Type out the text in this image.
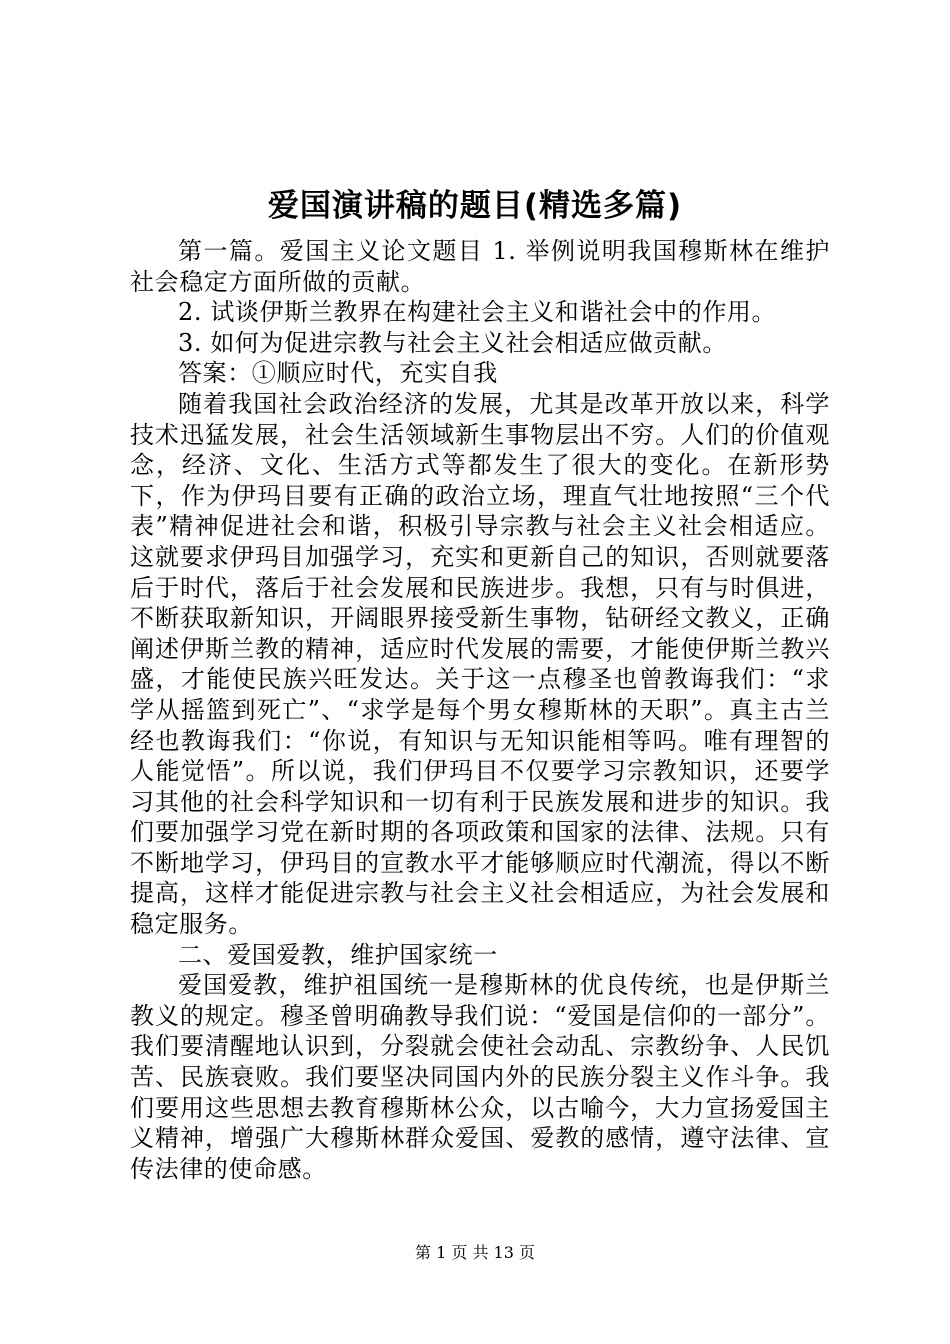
爱国演讲稿的题目(精选多篇)

第一篇。爱国主义论文题目 1. 举例说明我国穆斯林在维护社会稳定方面所做的贡献。

2. 试谈伊斯兰教界在构建社会主义和谐社会中的作用。

3. 如何为促进宗教与社会主义社会相适应做贡献。

答案：①顺应时代，充实自我

随着我国社会政治经济的发展，尤其是改革开放以来，科学技术迅猛发展，社会生活领域新生事物层出不穷。人们的价值观念，经济、文化、生活方式等都发生了很大的变化。在新形势下，作为伊玛目要有正确的政治立场，理直气壮地按照“三个代表”精神促进社会和谐，积极引导宗教与社会主义社会相适应。这就要求伊玛目加强学习，充实和更新自己的知识，否则就要落后于时代，落后于社会发展和民族进步。我想，只有与时俱进，不断获取新知识，开阔眼界接受新生事物，钻研经文教义，正确阐述伊斯兰教的精神，适应时代发展的需要，才能使伊斯兰教兴盛，才能使民族兴旺发达。关于这一点穆圣也曾教诲我们：“求学从摇篮到死亡”、“求学是每个男女穆斯林的天职”。真主古兰经也教诲我们：“你说，有知识与无知识能相等吗。唯有理智的人能觉悟”。所以说，我们伊玛目不仅要学习宗教知识，还要学习其他的社会科学知识和一切有利于民族发展和进步的知识。我们要加强学习党在新时期的各项政策和国家的法律、法规。只有不断地学习，伊玛目的宣教水平才能够顺应时代潮流，得以不断提高，这样才能促进宗教与社会主义社会相适应，为社会发展和稳定服务。

二、爱国爱教，维护国家统一

爱国爱教，维护祖国统一是穆斯林的优良传统，也是伊斯兰教义的规定。穆圣曾明确教导我们说：“爱国是信仰的一部分”。我们要清醒地认识到，分裂就会使社会动乱、宗教纷争、人民饥苦、民族衰败。我们要坚决同国内外的民族分裂主义作斗争。我们要用这些思想去教育穆斯林公众，以古喻今，大力宣扬爱国主义精神，增强广大穆斯林群众爱国、爱教的感情，遵守法律、宣传法律的使命感。

第 1 页 共 13 页
